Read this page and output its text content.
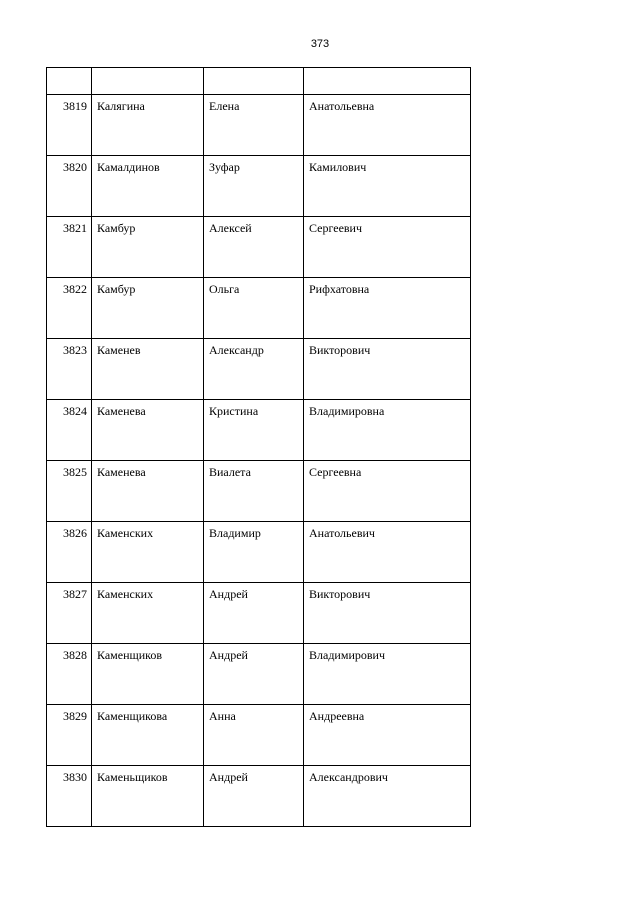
373

3819	Калягина	Елена	Анатольевна
3820	Камалдинов	Зуфар	Камилович
3821	Камбур	Алексей	Сергеевич
3822	Камбур	Ольга	Рифхатовна
3823	Каменев	Александр	Викторович
3824	Каменева	Кристина	Владимировна
3825	Каменева	Виалета	Сергеевна
3826	Каменских	Владимир	Анатольевич
3827	Каменских	Андрей	Викторович
3828	Каменщиков	Андрей	Владимирович
3829	Каменщикова	Анна	Андреевна
3830	Каменьщиков	Андрей	Александрович
